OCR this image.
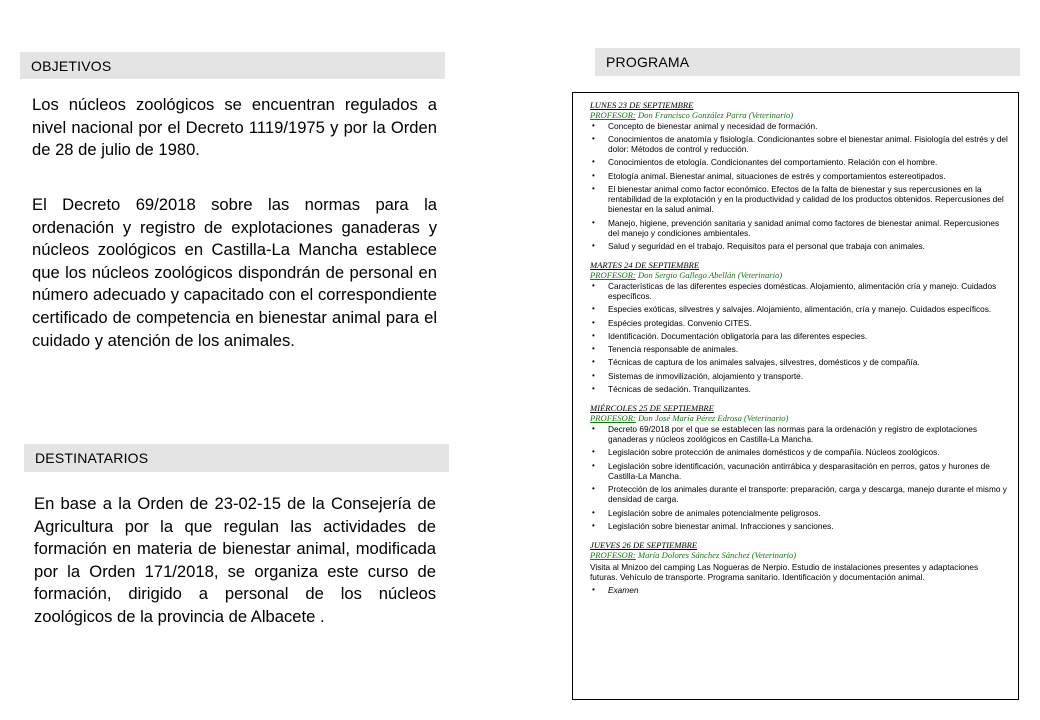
OBJETIVOS

Los núcleos zoológicos se encuentran regulados a nivel nacional por el Decreto 1119/1975 y por la Orden de 28 de julio de 1980.

El Decreto 69/2018 sobre las normas para la ordenación y registro de explotaciones ganaderas y núcleos zoológicos en Castilla-La Mancha establece que los núcleos zoológicos dispondrán de personal en número adecuado y capacitado con el correspondiente certificado de competencia en bienestar animal para el cuidado y atención de los animales.

DESTINATARIOS

En base a la Orden de 23-02-15 de la Consejería de Agricultura por la que regulan las actividades de formación en materia de bienestar animal, modificada por la Orden 171/2018, se organiza este curso de formación, dirigido a personal de los núcleos zoológicos de la provincia de Albacete .

PROGRAMA
LUNES 23 DE SEPTIEMBRE
PROFESOR: Don Francisco González Parra (Veterinario)
• Concepto de bienestar animal y necesidad de formación.
• Conocimientos de anatomía y fisiología. Condicionantes sobre el bienestar animal. Fisiología del estrés y del dolor: Métodos de control y reducción.
• Conocimientos de etología. Condicionantes del comportamiento. Relación con el hombre.
• Etología animal. Bienestar animal, situaciones de estrés y comportamientos estereotipados.
• El bienestar animal como factor económico. Efectos de la falta de bienestar y sus repercusiones en la rentabilidad de la explotación y en la productividad y calidad de los productos obtenidos. Repercusiones del bienestar en la salud animal.
• Manejo, higiene, prevención sanitaria y sanidad animal como factores de bienestar animal. Repercusiones del manejo y condiciones ambientales.
• Salud y seguridad en el trabajo. Requisitos para el personal que trabaja con animales.
MARTES 24 DE SEPTIEMBRE
PROFESOR: Don Sergio Gallego Abellán (Veterinario)
• Características de las diferentes especies domésticas. Alojamiento, alimentación cría y manejo. Cuidados específicos.
• Especies exóticas, silvestres y salvajes. Alojamiento, alimentación, cría y manejo. Cuidados específicos.
• Espécies protegidas. Convenio CITES.
• Identificación. Documentación obligatoria para las diferentes especies.
• Tenencia responsable de animales.
• Técnicas de captura de los animales salvajes, silvestres, domésticos y de compañía.
• Sistemas de inmovilización, alojamiento y transporte.
• Técnicas de sedación. Tranquilizantes.
MIÉRCOLES 25 DE SEPTIEMBRE
PROFESOR: Don José María Pérez Edrosa (Veterinario)
• Decreto 69/2018 por el que se establecen las normas para la ordenación y registro de explotaciones ganaderas y núcleos zoológicos en Castilla-La Mancha.
• Legislación sobre protección de animales domésticos y de compañía. Núcleos zoológicos.
• Legislación sobre identificación, vacunación antirrábica y desparasitación en perros, gatos y hurones de Castilla-La Mancha.
• Protección de los animales durante el transporte: preparación, carga y descarga, manejo durante el mismo y densidad de carga.
• Legislación sobre de animales potencialmente peligrosos.
• Legislación sobre bienestar animal. Infracciones y sanciones.
JUEVES 26 DE SEPTIEMBRE
PROFESOR: María Dolores Sánchez Sánchez (Veterinario)
Visita al Mnizoo del camping Las Nogueras de Nerpio. Estudio de instalaciones presentes y adaptaciones futuras. Vehículo de transporte. Programa sanitario. Identificación y documentación animal.
• Examen
